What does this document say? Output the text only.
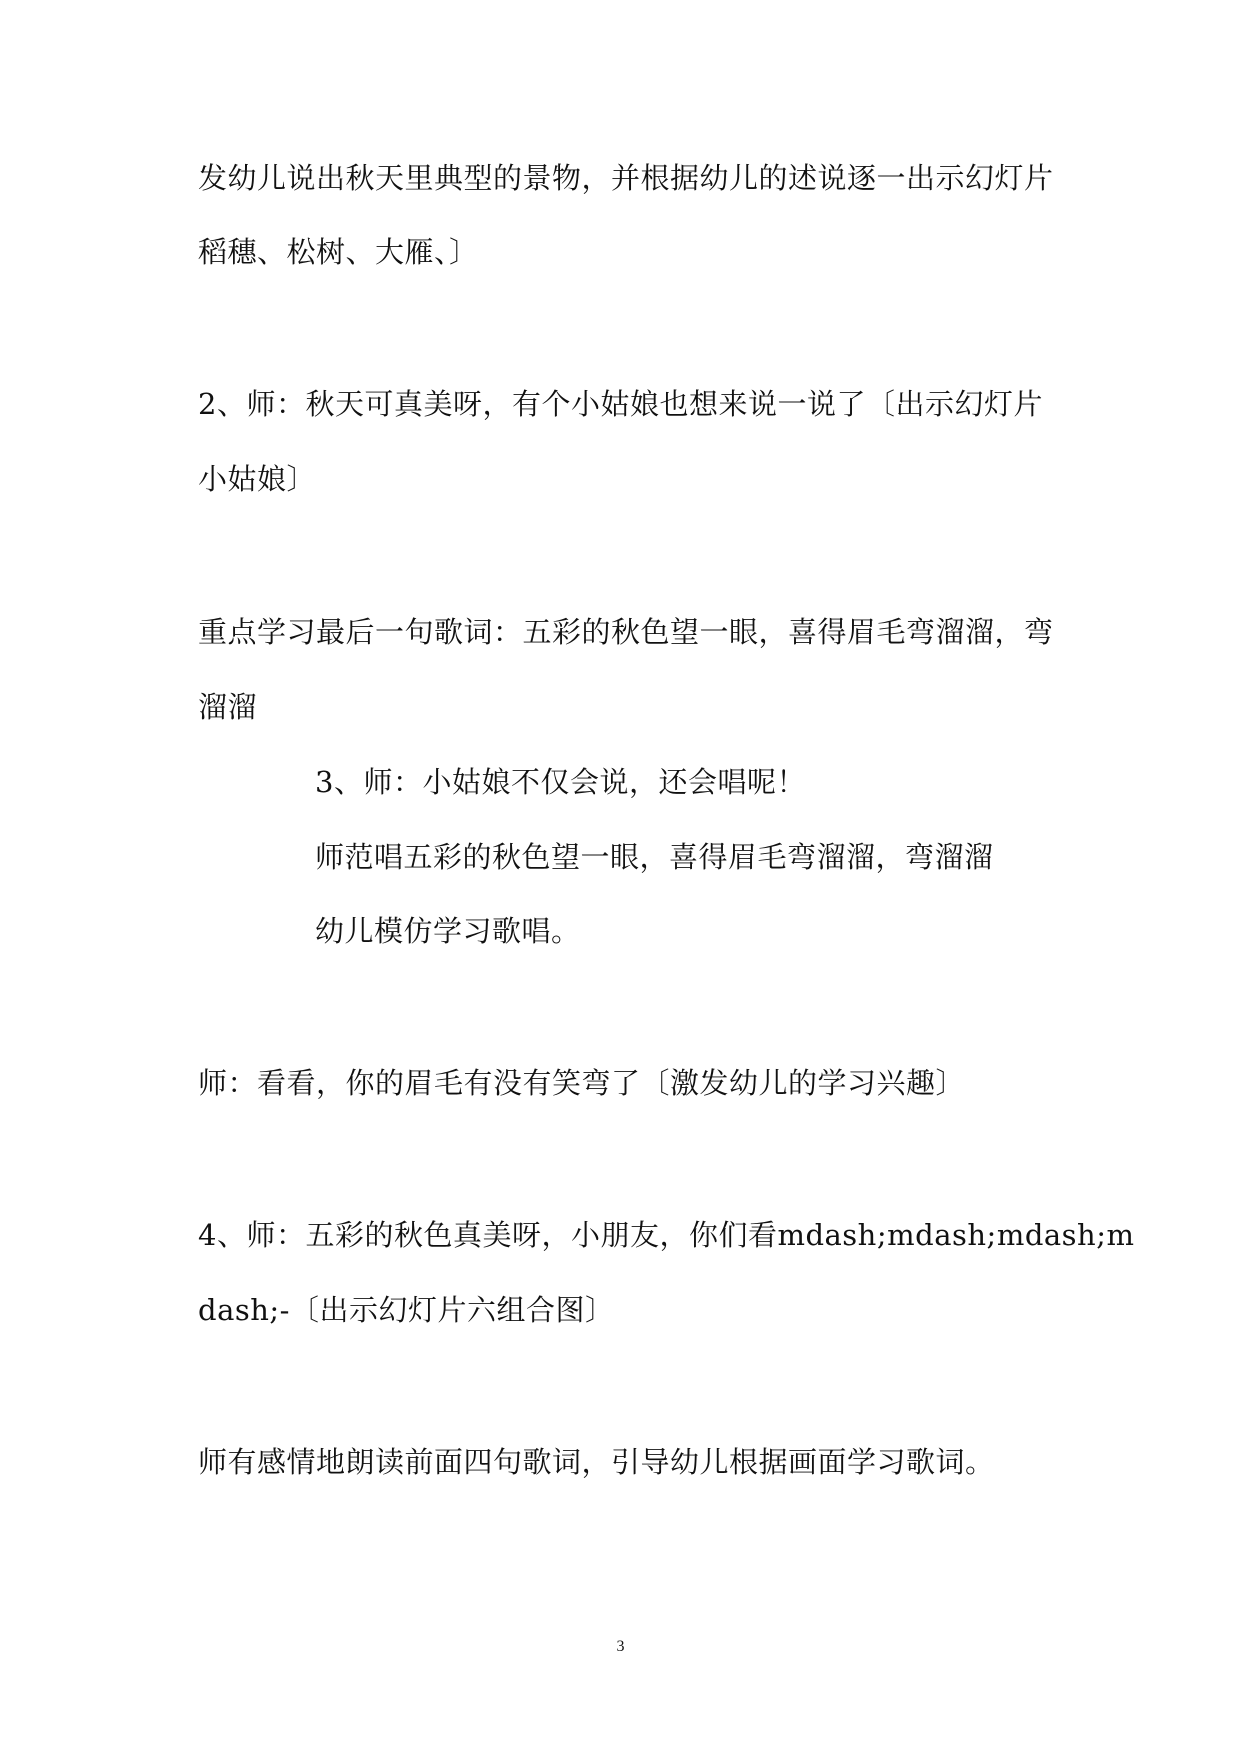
发幼儿说出秋天里典型的景物，并根据幼儿的述说逐一出示幻灯片
稻穗、松树、大雁、〕
2、师：秋天可真美呀，有个小姑娘也想来说一说了〔出示幻灯片
小姑娘〕
重点学习最后一句歌词：五彩的秋色望一眼，喜得眉毛弯溜溜，弯
溜溜
3、师：小姑娘不仅会说，还会唱呢！
师范唱五彩的秋色望一眼，喜得眉毛弯溜溜，弯溜溜
幼儿模仿学习歌唱。
师：看看，你的眉毛有没有笑弯了〔激发幼儿的学习兴趣〕
4、师：五彩的秋色真美呀，小朋友，你们看mdash;mdash;mdash;m
dash;-〔出示幻灯片六组合图〕
师有感情地朗读前面四句歌词，引导幼儿根据画面学习歌词。
3
